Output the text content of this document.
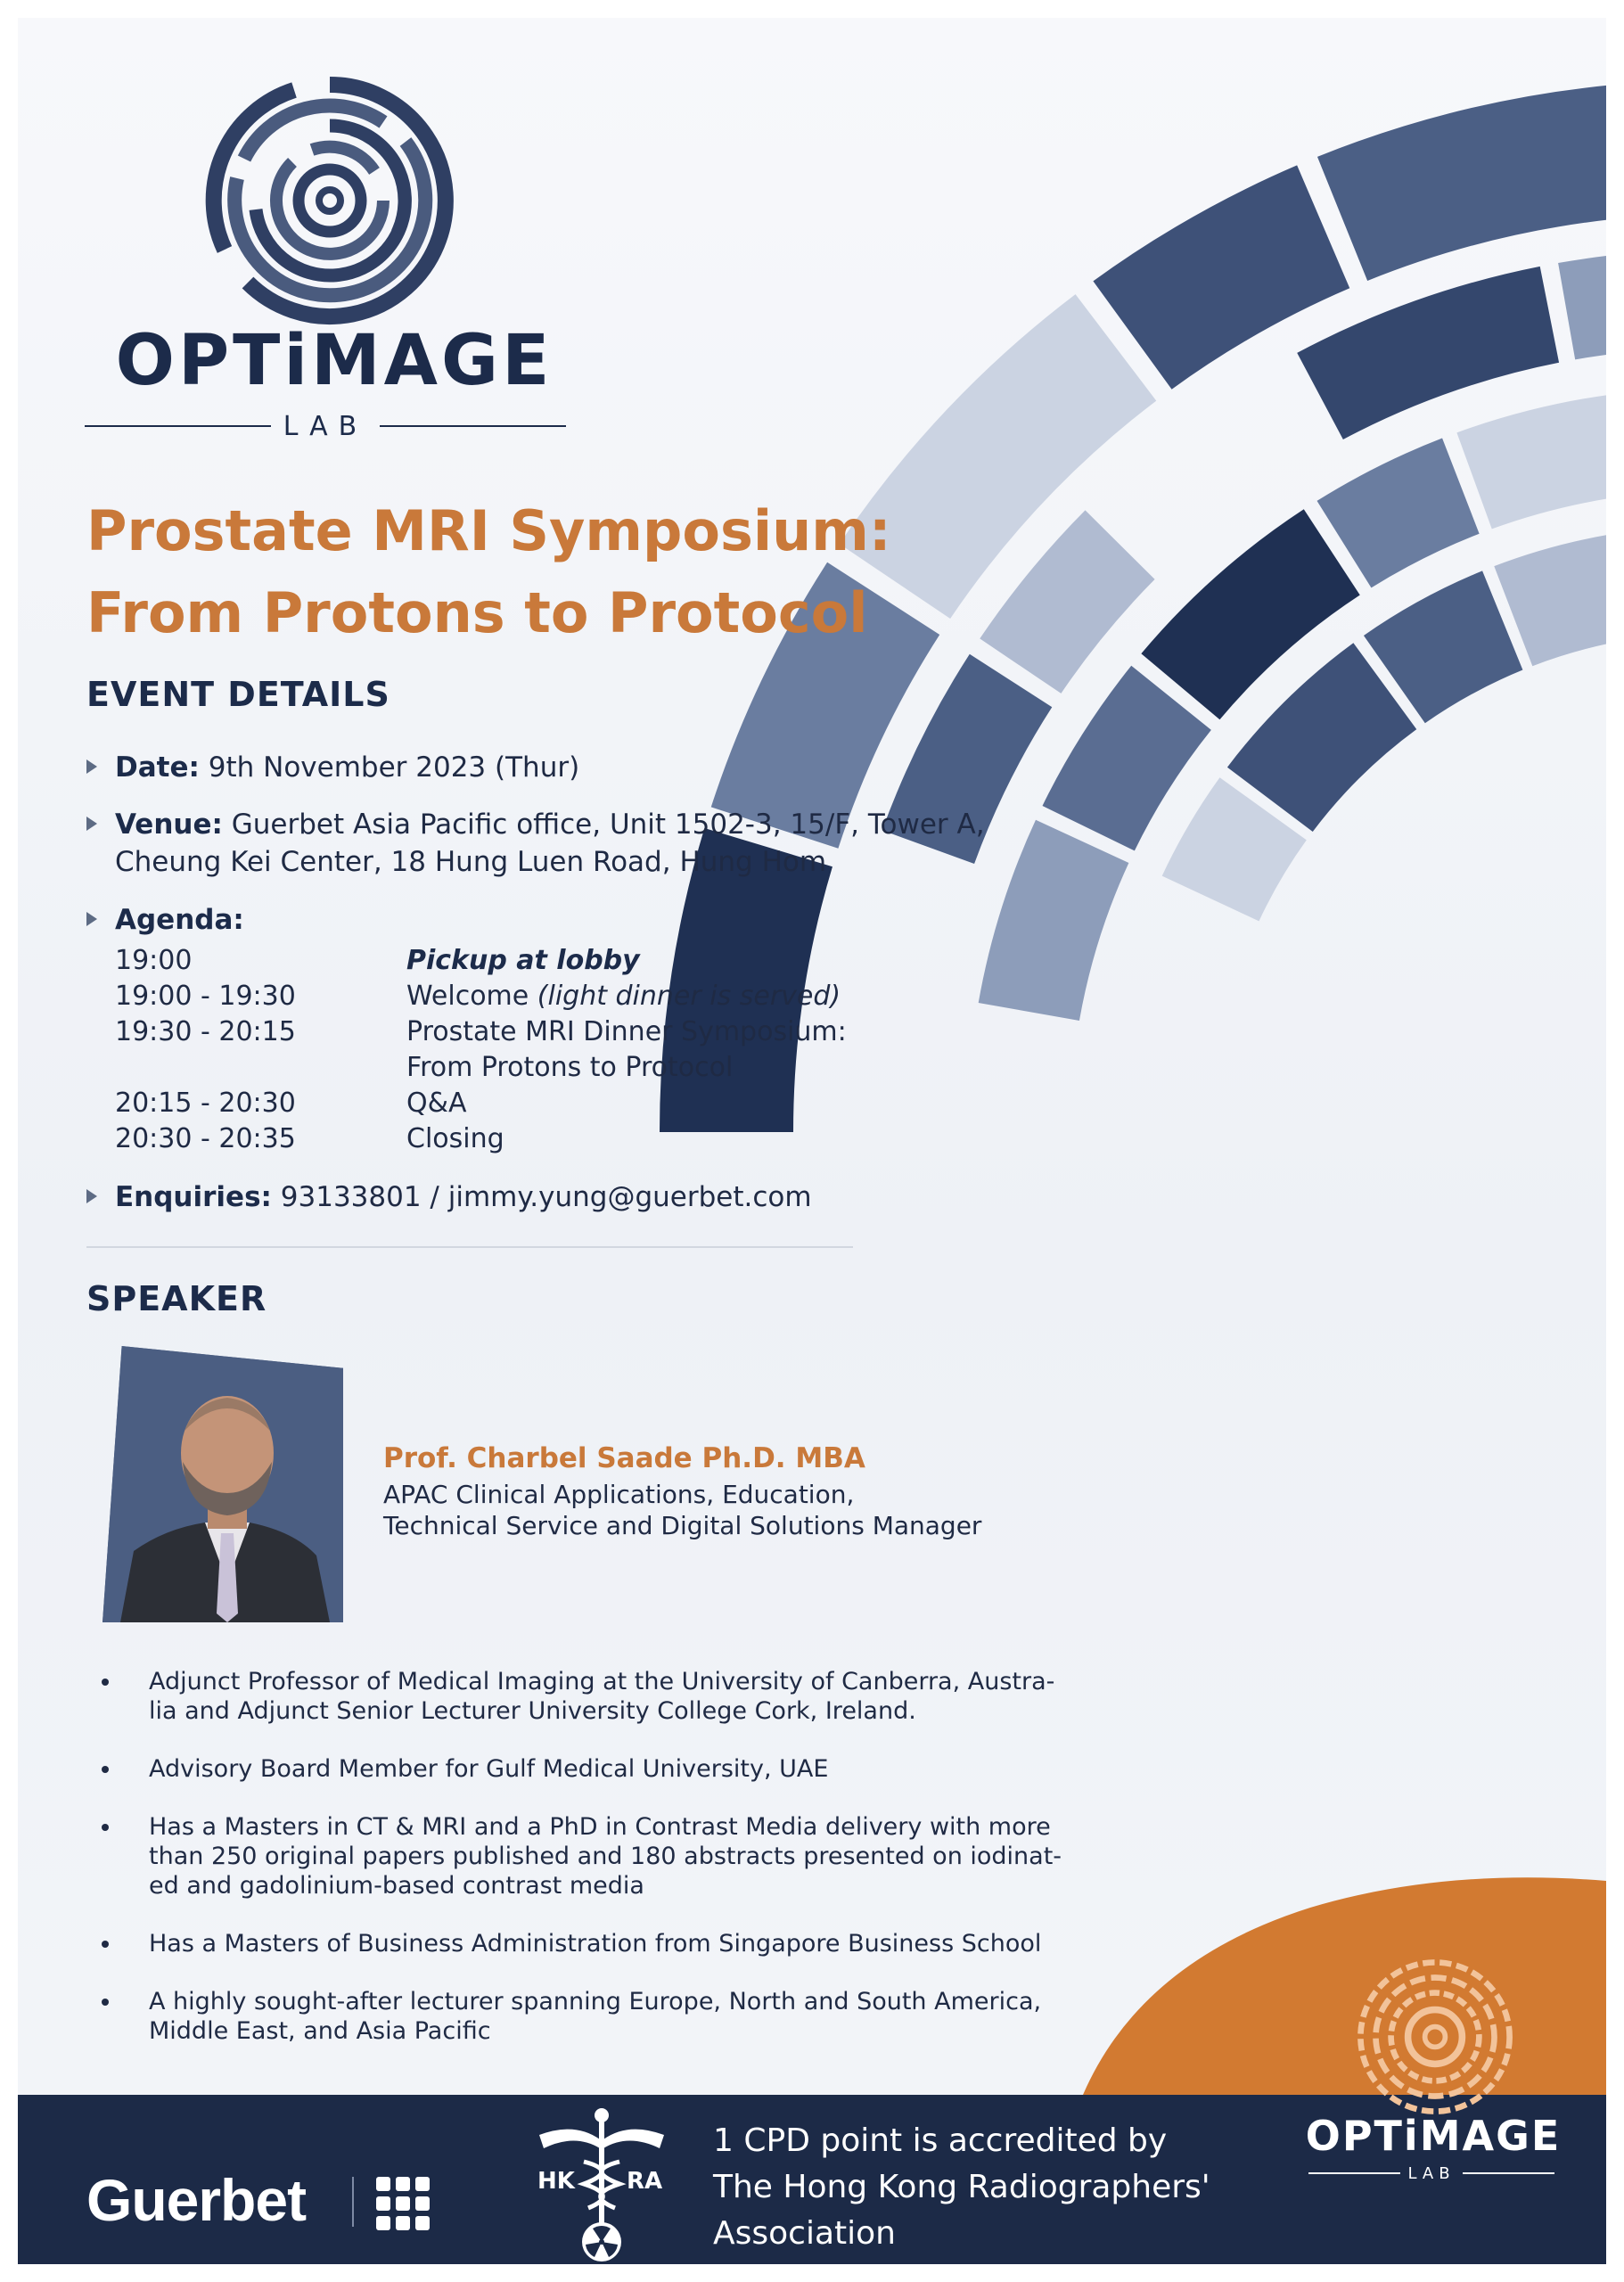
OPTiMAGE
LAB
Prostate MRI Symposium:
From Protons to Protocol
EVENT DETAILS
Date: 9th November 2023 (Thur)
Venue: Guerbet Asia Pacific office, Unit 1502-3, 15/F, Tower A,
Cheung Kei Center, 18 Hung Luen Road, Hung Hom
Agenda:
19:00	Pickup at lobby
19:00 - 19:30	Welcome (light dinner is served)
19:30 - 20:15	Prostate MRI Dinner Symposium:
From Protons to Protocol
20:15 - 20:30	Q&A
20:30 - 20:35	Closing
Enquiries: 93133801 / jimmy.yung@guerbet.com
SPEAKER
Prof. Charbel Saade Ph.D. MBA
APAC Clinical Applications, Education,
Technical Service and Digital Solutions Manager
Adjunct Professor of Medical Imaging at the University of Canberra, Austra-
lia and Adjunct Senior Lecturer University College Cork, Ireland.
Advisory Board Member for Gulf Medical University, UAE
Has a Masters in CT & MRI and a PhD in Contrast Media delivery with more
than 250 original papers published and 180 abstracts presented on iodinat-
ed and gadolinium-based contrast media
Has a Masters of Business Administration from Singapore Business School
A highly sought-after lecturer spanning Europe, North and South America,
Middle East, and Asia Pacific
Guerbet	HK RA
1 CPD point is accredited by
The Hong Kong Radiographers'
Association
OPTiMAGE
LAB
